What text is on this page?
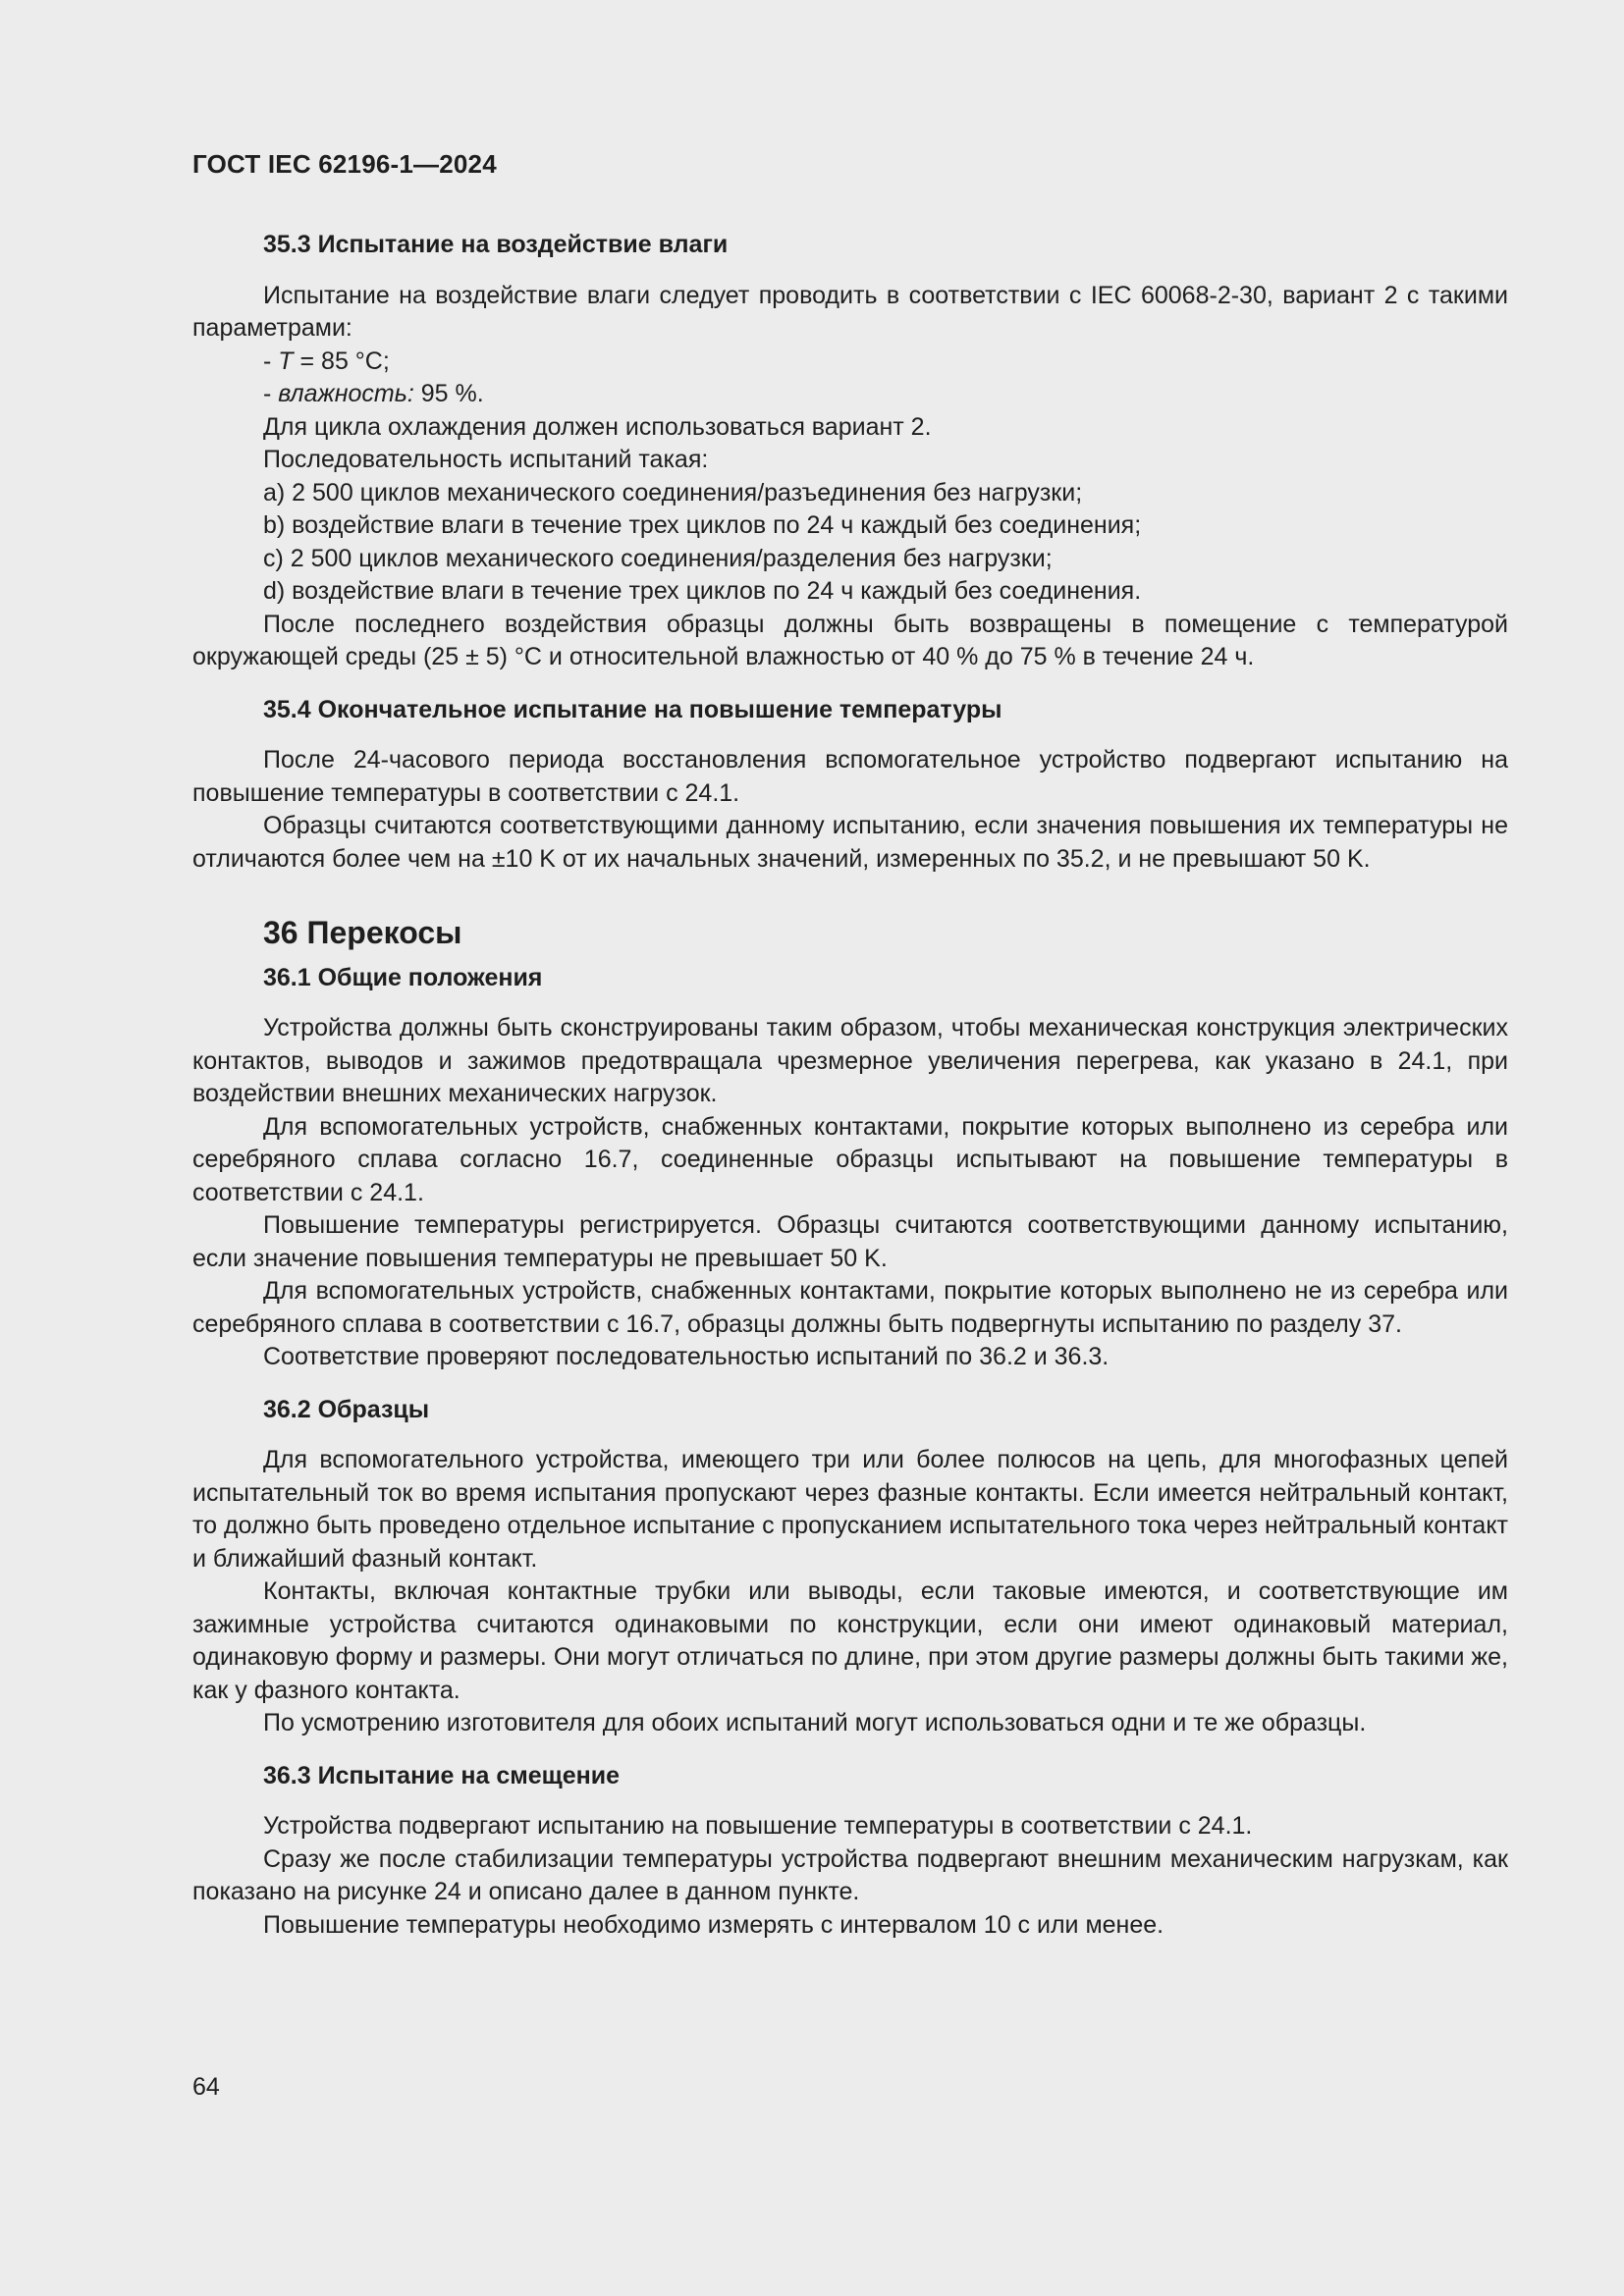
ГОСТ IEC 62196-1—2024

35.3 Испытание на воздействие влаги

Испытание на воздействие влаги следует проводить в соответствии с IEC 60068-2-30, вариант 2 с такими параметрами:

- T = 85 °C;

- влажность: 95 %.

Для цикла охлаждения должен использоваться вариант 2.

Последовательность испытаний такая:

a) 2 500 циклов механического соединения/разъединения без нагрузки;

b) воздействие влаги в течение трех циклов по 24 ч каждый без соединения;

c) 2 500 циклов механического соединения/разделения без нагрузки;

d) воздействие влаги в течение трех циклов по 24 ч каждый без соединения.

После последнего воздействия образцы должны быть возвращены в помещение с температурой окружающей среды (25 ± 5) °C и относительной влажностью от 40 % до 75 % в течение 24 ч.

35.4 Окончательное испытание на повышение температуры

После 24-часового периода восстановления вспомогательное устройство подвергают испытанию на повышение температуры в соответствии с 24.1.

Образцы считаются соответствующими данному испытанию, если значения повышения их температуры не отличаются более чем на ±10 K от их начальных значений, измеренных по 35.2, и не превышают 50 K.

36 Перекосы

36.1 Общие положения

Устройства должны быть сконструированы таким образом, чтобы механическая конструкция электрических контактов, выводов и зажимов предотвращала чрезмерное увеличения перегрева, как указано в 24.1, при воздействии внешних механических нагрузок.

Для вспомогательных устройств, снабженных контактами, покрытие которых выполнено из серебра или серебряного сплава согласно 16.7, соединенные образцы испытывают на повышение температуры в соответствии с 24.1.

Повышение температуры регистрируется. Образцы считаются соответствующими данному испытанию, если значение повышения температуры не превышает 50 K.

Для вспомогательных устройств, снабженных контактами, покрытие которых выполнено не из серебра или серебряного сплава в соответствии с 16.7, образцы должны быть подвергнуты испытанию по разделу 37.

Соответствие проверяют последовательностью испытаний по 36.2 и 36.3.

36.2 Образцы

Для вспомогательного устройства, имеющего три или более полюсов на цепь, для многофазных цепей испытательный ток во время испытания пропускают через фазные контакты. Если имеется нейтральный контакт, то должно быть проведено отдельное испытание с пропусканием испытательного тока через нейтральный контакт и ближайший фазный контакт.

Контакты, включая контактные трубки или выводы, если таковые имеются, и соответствующие им зажимные устройства считаются одинаковыми по конструкции, если они имеют одинаковый материал, одинаковую форму и размеры. Они могут отличаться по длине, при этом другие размеры должны быть такими же, как у фазного контакта.

По усмотрению изготовителя для обоих испытаний могут использоваться одни и те же образцы.

36.3 Испытание на смещение

Устройства подвергают испытанию на повышение температуры в соответствии с 24.1.

Сразу же после стабилизации температуры устройства подвергают внешним механическим нагрузкам, как показано на рисунке 24 и описано далее в данном пункте.

Повышение температуры необходимо измерять с интервалом 10 с или менее.

64
